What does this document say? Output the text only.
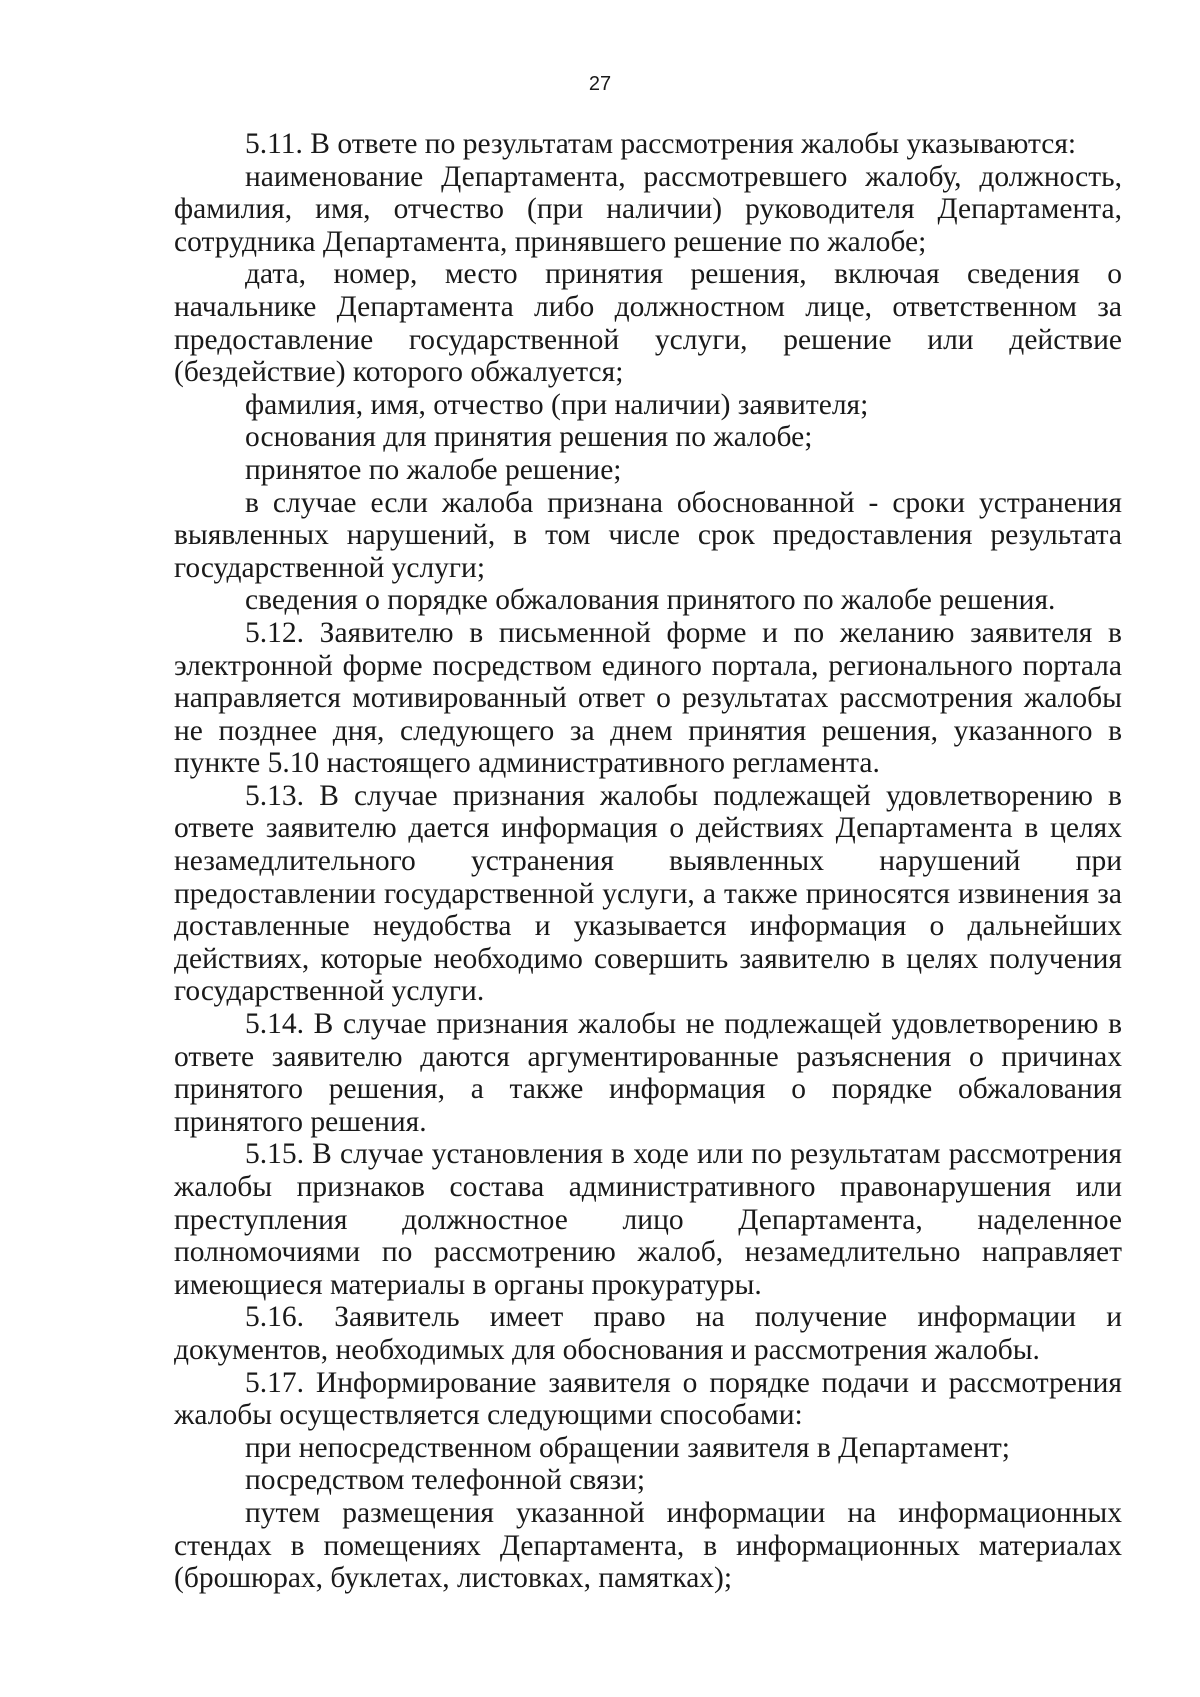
27

5.11. В ответе по результатам рассмотрения жалобы указываются:

наименование Департамента, рассмотревшего жалобу, должность, фамилия, имя, отчество (при наличии) руководителя Департамента, сотрудника Департамента, принявшего решение по жалобе;

дата, номер, место принятия решения, включая сведения о начальнике Департамента либо должностном лице, ответственном за предоставление государственной услуги, решение или действие (бездействие) которого обжалуется;

фамилия, имя, отчество (при наличии) заявителя;

основания для принятия решения по жалобе;

принятое по жалобе решение;

в случае если жалоба признана обоснованной - сроки устранения выявленных нарушений, в том числе срок предоставления результата государственной услуги;

сведения о порядке обжалования принятого по жалобе решения.

5.12. Заявителю в письменной форме и по желанию заявителя в электронной форме посредством единого портала, регионального портала направляется мотивированный ответ о результатах рассмотрения жалобы не позднее дня, следующего за днем принятия решения, указанного в пункте 5.10 настоящего административного регламента.

5.13. В случае признания жалобы подлежащей удовлетворению в ответе заявителю дается информация о действиях Департамента в целях незамедлительного устранения выявленных нарушений при предоставлении государственной услуги, а также приносятся извинения за доставленные неудобства и указывается информация о дальнейших действиях, которые необходимо совершить заявителю в целях получения государственной услуги.

5.14. В случае признания жалобы не подлежащей удовлетворению в ответе заявителю даются аргументированные разъяснения о причинах принятого решения, а также информация о порядке обжалования принятого решения.

5.15. В случае установления в ходе или по результатам рассмотрения жалобы признаков состава административного правонарушения или преступления должностное лицо Департамента, наделенное полномочиями по рассмотрению жалоб, незамедлительно направляет имеющиеся материалы в органы прокуратуры.

5.16. Заявитель имеет право на получение информации и документов, необходимых для обоснования и рассмотрения жалобы.

5.17. Информирование заявителя о порядке подачи и рассмотрения жалобы осуществляется следующими способами:

при непосредственном обращении заявителя в Департамент;

посредством телефонной связи;

путем размещения указанной информации на информационных стендах в помещениях Департамента, в информационных материалах (брошюрах, буклетах, листовках, памятках);
